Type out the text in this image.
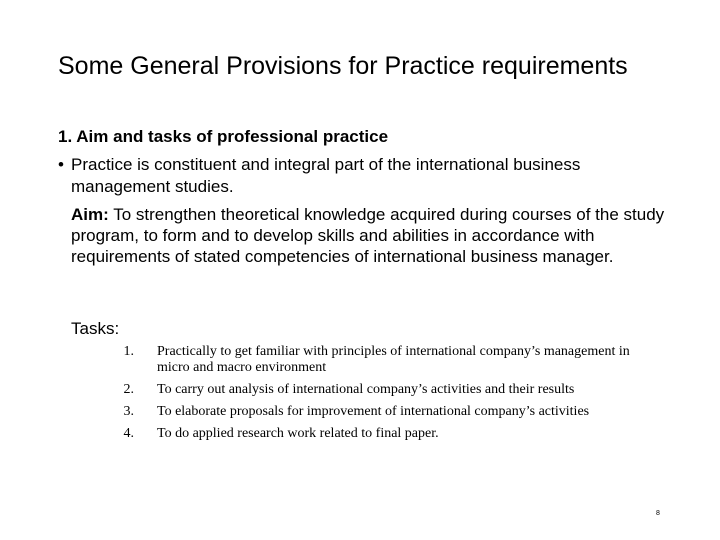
Some General Provisions for Practice requirements
1. Aim and tasks of professional practice
• Practice is constituent and integral part of the international business management studies.
Aim: To strengthen theoretical knowledge acquired during courses of the study program, to form and to develop skills and abilities in accordance with requirements of stated competencies of international business manager.
Tasks:
1. Practically to get familiar with principles of international company’s management in micro and macro environment
2. To carry out analysis of international company’s activities and their results
3. To elaborate proposals for improvement of international company’s activities
4. To do applied research work related to final paper.
8
